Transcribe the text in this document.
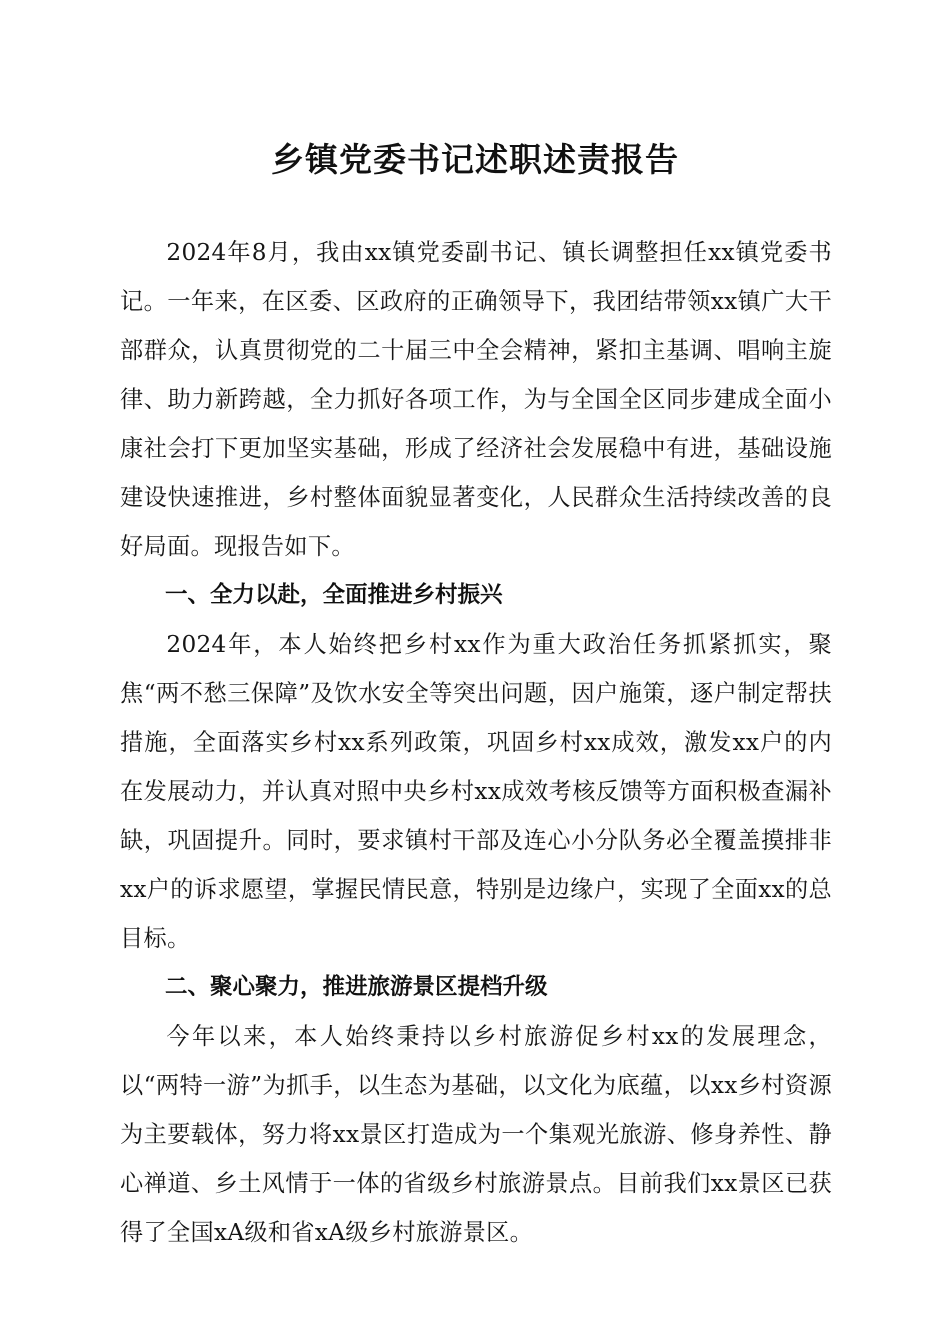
乡镇党委书记述职述责报告

2024年8月，我由xx镇党委副书记、镇长调整担任xx镇党委书记。一年来，在区委、区政府的正确领导下，我团结带领xx镇广大干部群众，认真贯彻党的二十届三中全会精神，紧扣主基调、唱响主旋律、助力新跨越，全力抓好各项工作，为与全国全区同步建成全面小康社会打下更加坚实基础，形成了经济社会发展稳中有进，基础设施建设快速推进，乡村整体面貌显著变化，人民群众生活持续改善的良好局面。现报告如下。

一、全力以赴，全面推进乡村振兴

2024年，本人始终把乡村xx作为重大政治任务抓紧抓实，聚焦“两不愁三保障”及饮水安全等突出问题，因户施策，逐户制定帮扶措施，全面落实乡村xx系列政策，巩固乡村xx成效，激发xx户的内在发展动力，并认真对照中央乡村xx成效考核反馈等方面积极查漏补缺，巩固提升。同时，要求镇村干部及连心小分队务必全覆盖摸排非xx户的诉求愿望，掌握民情民意，特别是边缘户，实现了全面xx的总目标。

二、聚心聚力，推进旅游景区提档升级

今年以来，本人始终秉持以乡村旅游促乡村xx的发展理念，以“两特一游”为抓手，以生态为基础，以文化为底蕴，以xx乡村资源为主要载体，努力将xx景区打造成为一个集观光旅游、修身养性、静心禅道、乡土风情于一体的省级乡村旅游景点。目前我们xx景区已获得了全国xA级和省xA级乡村旅游景区。
